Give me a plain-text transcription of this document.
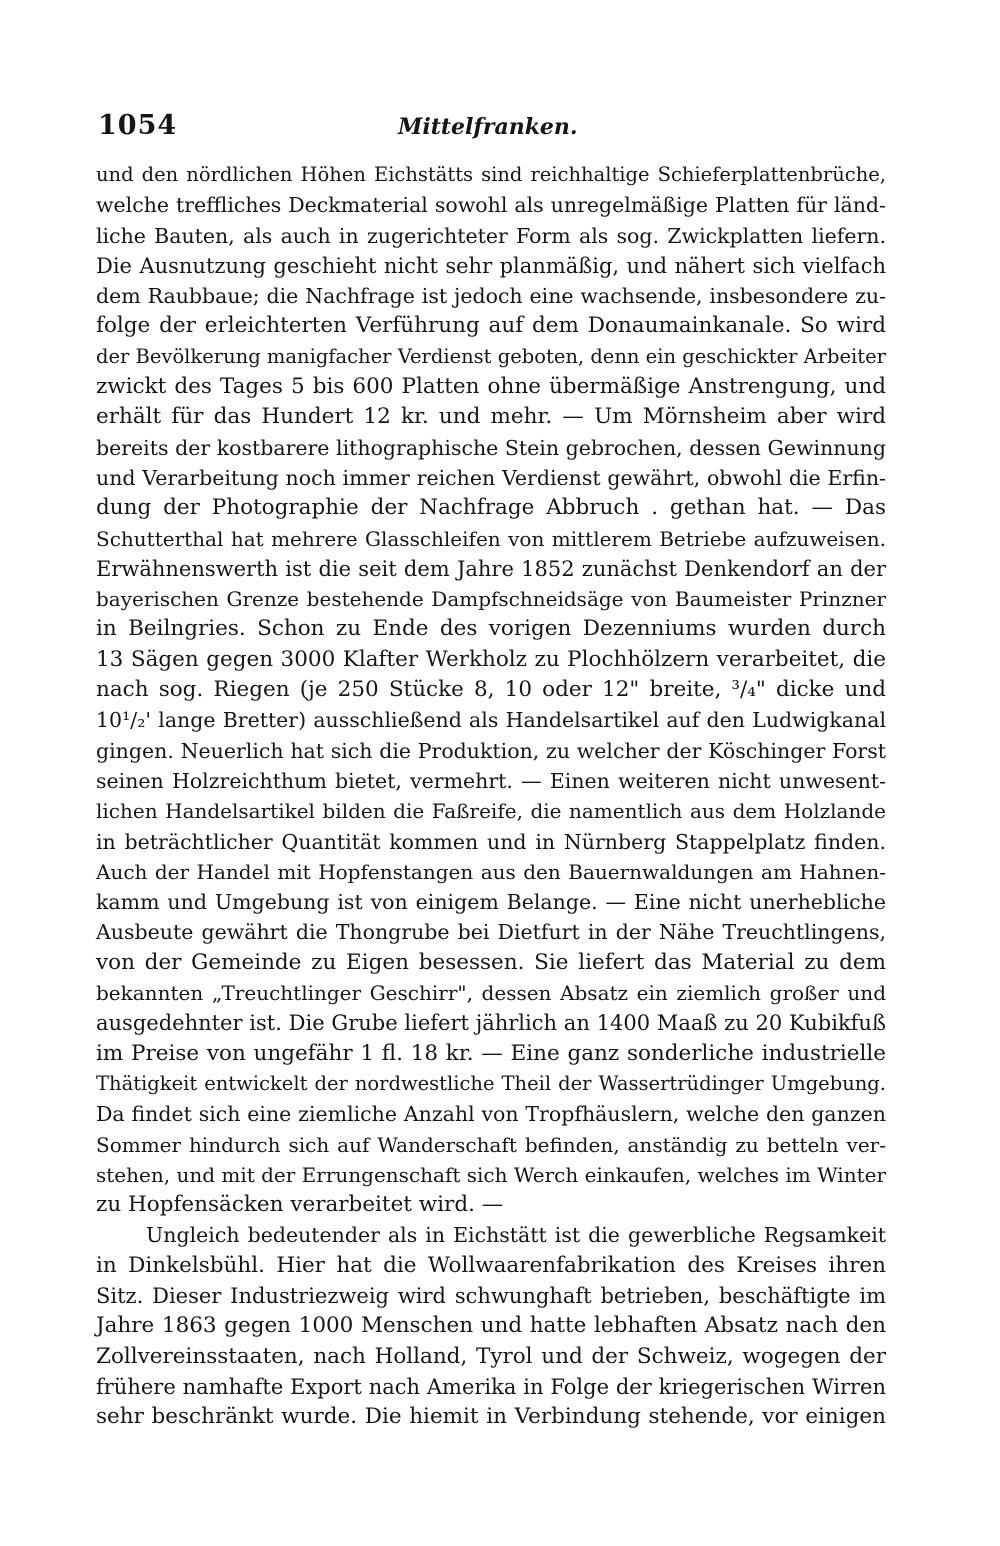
1054	Mittelfranken.
und den nördlichen Höhen Eichstätts sind reichhaltige Schieferplattenbrüche,
welche treffliches Deckmaterial sowohl als unregelmäßige Platten für länd-
liche Bauten, als auch in zugerichteter Form als sog. Zwickplatten liefern.
Die Ausnutzung geschieht nicht sehr planmäßig, und nähert sich vielfach
dem Raubbaue; die Nachfrage ist jedoch eine wachsende, insbesondere zu-
folge der erleichterten Verführung auf dem Donaumainkanale. So wird
der Bevölkerung manigfacher Verdienst geboten, denn ein geschickter Arbeiter
zwickt des Tages 5 bis 600 Platten ohne übermäßige Anstrengung, und
erhält für das Hundert 12 kr. und mehr. — Um Mörnsheim aber wird
bereits der kostbarere lithographische Stein gebrochen, dessen Gewinnung
und Verarbeitung noch immer reichen Verdienst gewährt, obwohl die Erfin-
dung der Photographie der Nachfrage Abbruch . gethan hat. — Das
Schutterthal hat mehrere Glasschleifen von mittlerem Betriebe aufzuweisen.
Erwähnenswerth ist die seit dem Jahre 1852 zunächst Denkendorf an der
bayerischen Grenze bestehende Dampfschneidsäge von Baumeister Prinzner
in Beilngries. Schon zu Ende des vorigen Dezenniums wurden durch
13 Sägen gegen 3000 Klafter Werkholz zu Plochhölzern verarbeitet, die
nach sog. Riegen (je 250 Stücke 8, 10 oder 12" breite, ³/₄" dicke und
10¹/₂' lange Bretter) ausschließend als Handelsartikel auf den Ludwigkanal
gingen. Neuerlich hat sich die Produktion, zu welcher der Köschinger Forst
seinen Holzreichthum bietet, vermehrt. — Einen weiteren nicht unwesent-
lichen Handelsartikel bilden die Faßreife, die namentlich aus dem Holzlande
in beträchtlicher Quantität kommen und in Nürnberg Stappelplatz finden.
Auch der Handel mit Hopfenstangen aus den Bauernwaldungen am Hahnen-
kamm und Umgebung ist von einigem Belange. — Eine nicht unerhebliche
Ausbeute gewährt die Thongrube bei Dietfurt in der Nähe Treuchtlingens,
von der Gemeinde zu Eigen besessen. Sie liefert das Material zu dem
bekannten „Treuchtlinger Geschirr", dessen Absatz ein ziemlich großer und
ausgedehnter ist. Die Grube liefert jährlich an 1400 Maaß zu 20 Kubikfuß
im Preise von ungefähr 1 fl. 18 kr. — Eine ganz sonderliche industrielle
Thätigkeit entwickelt der nordwestliche Theil der Wassertrüdinger Umgebung.
Da findet sich eine ziemliche Anzahl von Tropfhäuslern, welche den ganzen
Sommer hindurch sich auf Wanderschaft befinden, anständig zu betteln ver-
stehen, und mit der Errungenschaft sich Werch einkaufen, welches im Winter
zu Hopfensäcken verarbeitet wird. —
Ungleich bedeutender als in Eichstätt ist die gewerbliche Regsamkeit
in Dinkelsbühl. Hier hat die Wollwaarenfabrikation des Kreises ihren
Sitz. Dieser Industriezweig wird schwunghaft betrieben, beschäftigte im
Jahre 1863 gegen 1000 Menschen und hatte lebhaften Absatz nach den
Zollvereinsstaaten, nach Holland, Tyrol und der Schweiz, wogegen der
frühere namhafte Export nach Amerika in Folge der kriegerischen Wirren
sehr beschränkt wurde. Die hiemit in Verbindung stehende, vor einigen
